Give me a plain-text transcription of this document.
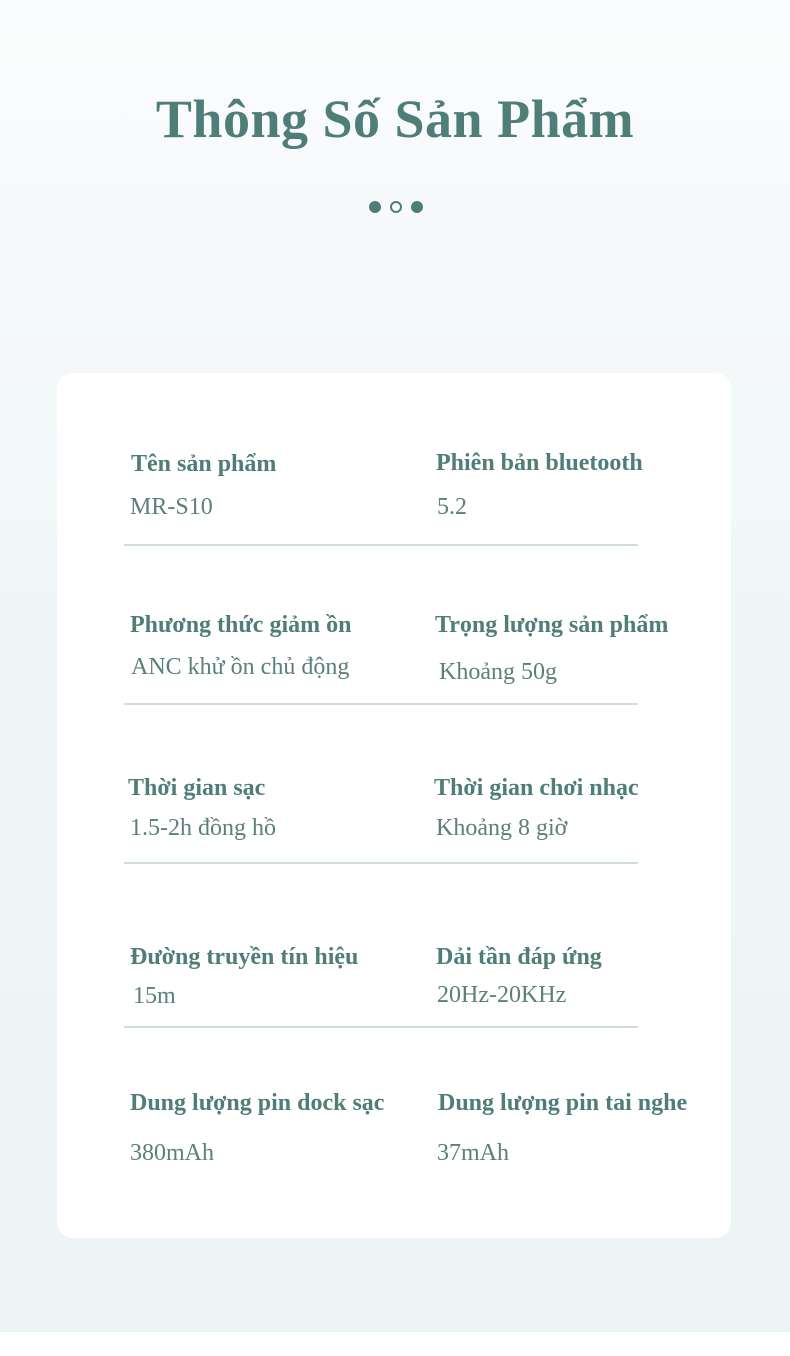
Thông Số Sản Phẩm
Tên sản phẩm
MR-S10
Phiên bản bluetooth
5.2
Phương thức giảm ồn
ANC khử ồn chủ động
Trọng lượng sản phẩm
Khoảng 50g
Thời gian sạc
1.5-2h đồng hồ
Thời gian chơi nhạc
Khoảng 8 giờ
Đường truyền tín hiệu
15m
Dải tần đáp ứng
20Hz-20KHz
Dung lượng pin dock sạc
380mAh
Dung lượng pin tai nghe
37mAh
